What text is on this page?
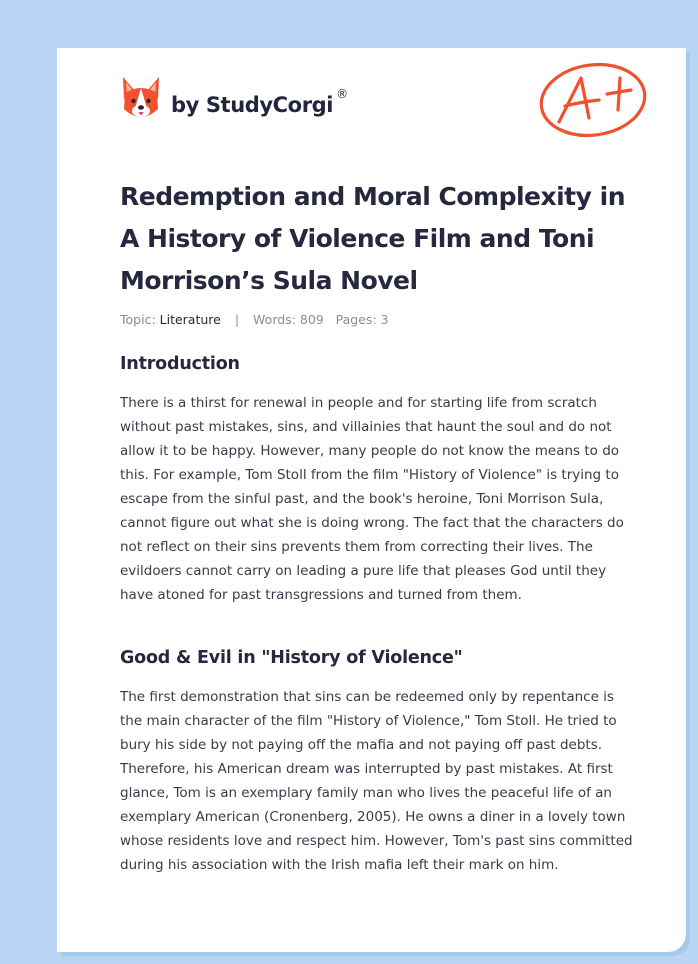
by StudyCorgi ®
Redemption and Moral Complexity in A History of Violence Film and Toni Morrison’s Sula Novel
Topic: Literature | Words: 809 Pages: 3
Introduction

There is a thirst for renewal in people and for starting life from scratch without past mistakes, sins, and villainies that haunt the soul and do not allow it to be happy. However, many people do not know the means to do this. For example, Tom Stoll from the film "History of Violence" is trying to escape from the sinful past, and the book's heroine, Toni Morrison Sula, cannot figure out what she is doing wrong. The fact that the characters do not reflect on their sins prevents them from correcting their lives. The evildoers cannot carry on leading a pure life that pleases God until they have atoned for past transgressions and turned from them.

Good & Evil in "History of Violence"

The first demonstration that sins can be redeemed only by repentance is the main character of the film "History of Violence," Tom Stoll. He tried to bury his side by not paying off the mafia and not paying off past debts. Therefore, his American dream was interrupted by past mistakes. At first glance, Tom is an exemplary family man who lives the peaceful life of an exemplary American (Cronenberg, 2005). He owns a diner in a lovely town whose residents love and respect him. However, Tom's past sins committed during his association with the Irish mafia left their mark on him.
